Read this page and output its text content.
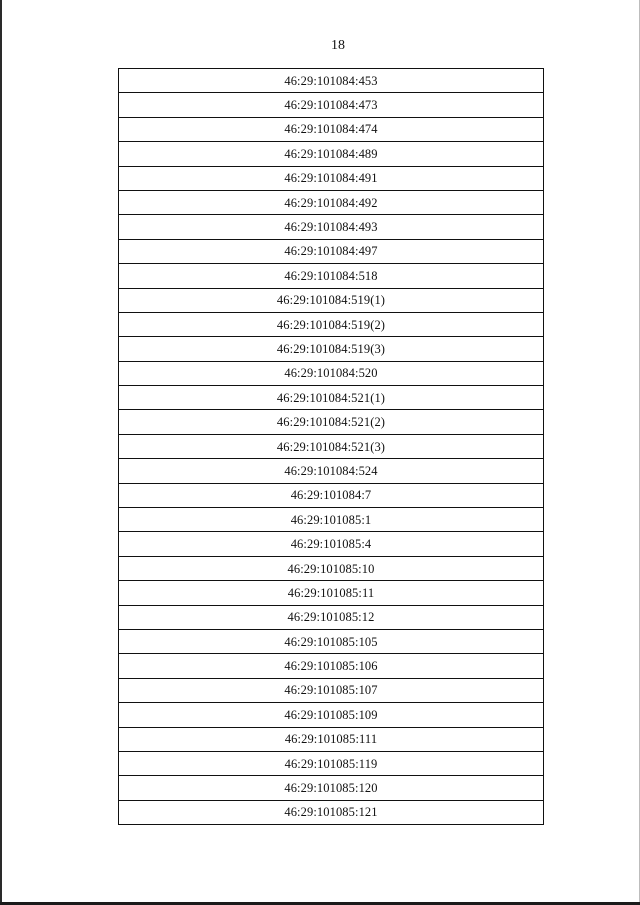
18
46:29:101084:453
46:29:101084:473
46:29:101084:474
46:29:101084:489
46:29:101084:491
46:29:101084:492
46:29:101084:493
46:29:101084:497
46:29:101084:518
46:29:101084:519(1)
46:29:101084:519(2)
46:29:101084:519(3)
46:29:101084:520
46:29:101084:521(1)
46:29:101084:521(2)
46:29:101084:521(3)
46:29:101084:524
46:29:101084:7
46:29:101085:1
46:29:101085:4
46:29:101085:10
46:29:101085:11
46:29:101085:12
46:29:101085:105
46:29:101085:106
46:29:101085:107
46:29:101085:109
46:29:101085:111
46:29:101085:119
46:29:101085:120
46:29:101085:121
